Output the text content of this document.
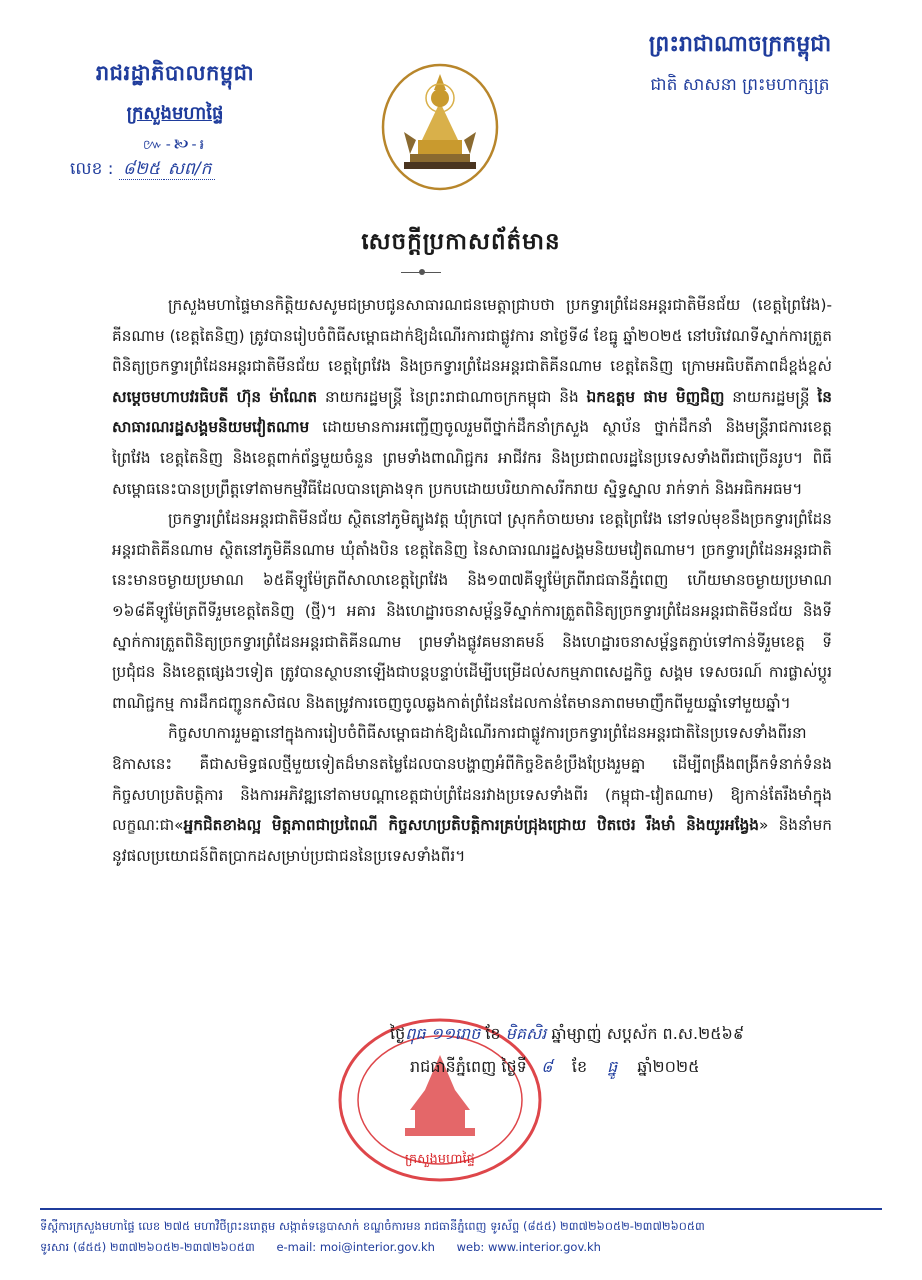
រាជរដ្ឋាភិបាលកម្ពុជា
ក្រសួងមហាផ្ទៃ
៚-🙤-៛
លេខ : ៨២៥ សព/ក
ព្រះរាជាណាចក្រកម្ពុជា
ជាតិ សាសនា ព្រះមហាក្សត្រ
សេចក្តីប្រកាសព័ត៌មាន

ក្រសួងមហាផ្ទៃមានកិត្តិយសសូមជម្រាបជូនសាធារណជនមេត្តាជ្រាបថា ប្រកទ្វារព្រំដែនអន្តរជាតិមីនជ័យ (ខេត្តព្រៃវែង)-គីនណាម (ខេត្តតៃនិញ) ត្រូវបានរៀបចំពិធីសម្ពោធដាក់ឱ្យដំណើរការជាផ្លូវការ នាថ្ងៃទី៨ ខែធ្នូ ឆ្នាំ២០២៥ នៅបរិវេណទីស្នាក់ការត្រួតពិនិត្យច្រកទ្វារព្រំដែនអន្តរជាតិមីនជ័យ ខេត្តព្រៃវែង និងច្រកទ្វារព្រំដែនអន្តរជាតិគីនណាម ខេត្តតៃនិញ ក្រោមអធិបតីភាពដ៏ខ្ពង់ខ្ពស់ សម្តេចមហាបវរធិបតី ហ៊ុន ម៉ាណែត នាយករដ្ឋមន្ត្រី នៃព្រះរាជាណាចក្រកម្ពុជា និង ឯកឧត្តម ផាម មិញជិញ នាយករដ្ឋមន្ត្រី នៃសាធារណរដ្ឋសង្គមនិយមវៀតណាម ដោយមានការអញ្ជើញចូលរួមពីថ្នាក់ដឹកនាំក្រសួង ស្ថាប័ន ថ្នាក់ដឹកនាំ និងមន្ត្រីរាជការខេត្តព្រៃវែង ខេត្តតៃនិញ និងខេត្តពាក់ព័ន្ធមួយចំនួន ព្រមទាំងពាណិជ្ជករ អាជីវករ និងប្រជាពលរដ្ឋនៃប្រទេសទាំងពីរជាច្រើនរូប។ ពិធីសម្ពោធនេះបានប្រព្រឹត្តទៅតាមកម្មវិធីដែលបានគ្រោងទុក ប្រកបដោយបរិយាកាសរីករាយ ស្និទ្ធស្នាល រាក់ទាក់ និងអធិកអធម។

ច្រកទ្វារព្រំដែនអន្តរជាតិមីនជ័យ ស្ថិតនៅភូមិត្បូងវត្ត ឃុំក្របៅ ស្រុកកំចាយមារ ខេត្តព្រៃវែង នៅទល់មុខនឹងច្រកទ្វារព្រំដែនអន្តរជាតិគីនណាម ស្ថិតនៅភូមិគីនណាម ឃុំតាំងបិន ខេត្តតៃនិញ នៃសាធារណរដ្ឋសង្គមនិយមវៀតណាម។ ច្រកទ្វារព្រំដែនអន្តរជាតិនេះមានចម្ងាយប្រមាណ ៦៥គីឡូម៉ែត្រពីសាលាខេត្តព្រៃវែង និង១៣៧គីឡូម៉ែត្រពីរាជធានីភ្នំពេញ ហើយមានចម្ងាយប្រមាណ ១៦៨គីឡូម៉ែត្រពីទីរួមខេត្តតៃនិញ (ថ្មី)។ អគារ និងហេដ្ឋារចនាសម្ព័ន្ធទីស្នាក់ការត្រួតពិនិត្យច្រកទ្វារព្រំដែនអន្តរជាតិមីនជ័យ និងទីស្នាក់ការត្រួតពិនិត្យច្រកទ្វារព្រំដែនអន្តរជាតិគីនណាម ព្រមទាំងផ្លូវគមនាគមន៍ និងហេដ្ឋារចនាសម្ព័ន្ធតភ្ជាប់ទៅកាន់ទីរួមខេត្ត ទីប្រជុំជន និងខេត្តផ្សេងៗទៀត ត្រូវបានស្ថាបនាឡើងជាបន្តបន្ទាប់ដើម្បីបម្រើដល់សកម្មភាពសេដ្ឋកិច្ច សង្គម ទេសចរណ៍ ការផ្លាស់ប្តូរពាណិជ្ជកម្ម ការដឹកជញ្ជូនកសិផល និងតម្រូវការចេញចូលឆ្លងកាត់ព្រំដែនដែលកាន់តែមានភាពមមាញឹកពីមួយឆ្នាំទៅមួយឆ្នាំ។

កិច្ចសហការរួមគ្នានៅក្នុងការរៀបចំពិធីសម្ពោធដាក់ឱ្យដំណើរការជាផ្លូវការច្រកទ្វារព្រំដែនអន្តរជាតិនៃប្រទេសទាំងពីរនាឱកាសនេះ គឺជាសមិទ្ធផលថ្មីមួយទៀតដ៏មានតម្លៃដែលបានបង្ហាញអំពីកិច្ចខិតខំប្រឹងប្រែងរួមគ្នា ដើម្បីពង្រឹងពង្រីកទំនាក់ទំនង កិច្ចសហប្រតិបត្តិការ និងការអភិវឌ្ឍនៅតាមបណ្តាខេត្តជាប់ព្រំដែនរវាងប្រទេសទាំងពីរ (កម្ពុជា-វៀតណាម) ឱ្យកាន់តែរឹងមាំក្នុងលក្ខណៈជា«អ្នកជិតខាងល្អ មិត្តភាពជាប្រពៃណី កិច្ចសហប្រតិបត្តិការគ្រប់ជ្រុងជ្រោយ ឋិតថេរ រឹងមាំ និងយូរអង្វែង» និងនាំមកនូវផលប្រយោជន៍ពិតប្រាកដសម្រាប់ប្រជាជននៃប្រទេសទាំងពីរ។

ក្រសួងមហាផ្ទៃ
ថ្ងៃពុធ ១១រោច ខែ មិគសិរ ឆ្នាំម្សាញ់ សប្តស័ក ព.ស.២៥៦៩
រាជធានីភ្នំពេញ ថ្ងៃទី ៨ ខែ ធ្នូ ឆ្នាំ២០២៥
ទីស្តីការក្រសួងមហាផ្ទៃ លេខ ២៧៥ មហាវិថីព្រះនរោត្តម សង្កាត់ទន្លេបាសាក់ ខណ្ឌចំការមន រាជធានីភ្នំពេញ ទូរស័ព្ទ (៨៥៥) ២៣៧២៦០៥២-២៣៧២៦០៥៣
ទូរសារ (៨៥៥) ២៣៧២៦០៥២-២៣៧២៦០៥៣ e-mail: moi@interior.gov.kh web: www.interior.gov.kh
